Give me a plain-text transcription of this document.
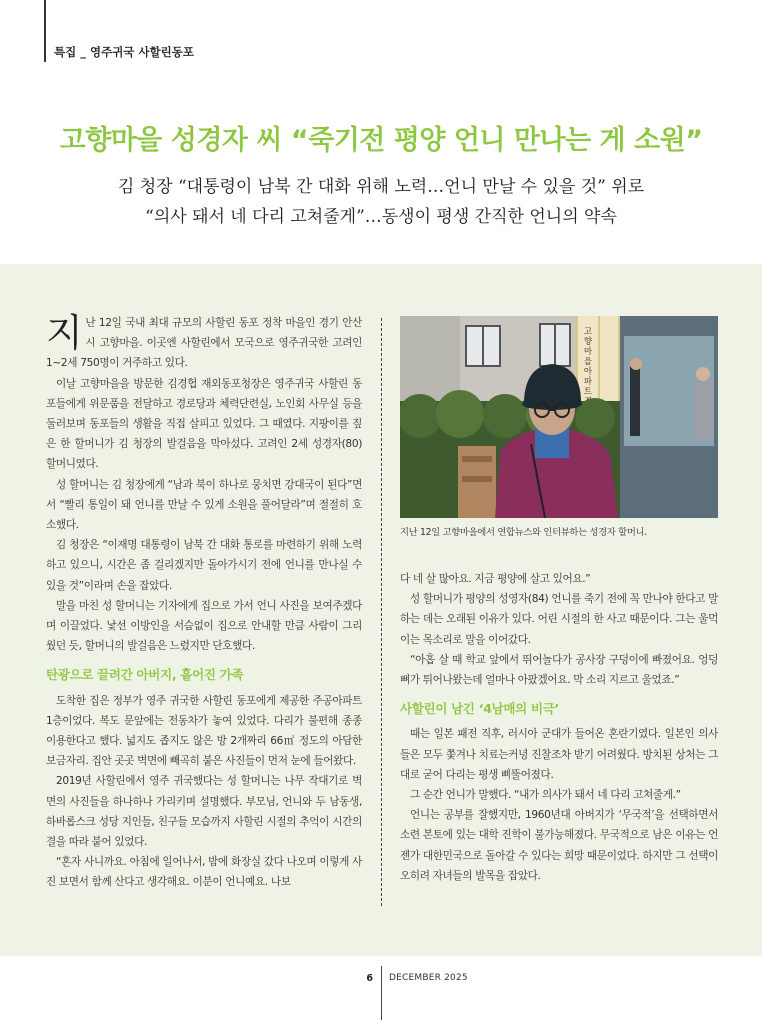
특집 _ 영주귀국 사할린동포
고향마을 성경자 씨 “죽기전 평양 언니 만나는 게 소원”
김 청장 “대통령이 남북 간 대화 위해 노력…언니 만날 수 있을 것” 위로
“의사 돼서 네 다리 고쳐줄게”…동생이 평생 간직한 언니의 약속

지난 12일 국내 최대 규모의 사할린 동포 정착 마을인 경기 안산시 고향마을. 이곳엔 사할린에서 모국으로 영주귀국한 고려인 1~2세 750명이 거주하고 있다.

이날 고향마을을 방문한 김경협 재외동포청장은 영주귀국 사할린 동포들에게 위문품을 전달하고 경로당과 체력단련실, 노인회 사무실 등을 둘러보며 동포들의 생활을 직접 살피고 있었다. 그 때였다. 지팡이를 짚은 한 할머니가 김 청장의 발걸음을 막아섰다. 고려인 2세 성경자(80) 할머니였다.

성 할머니는 김 청장에게 “남과 북이 하나로 뭉치면 강대국이 된다”면서 “빨리 통일이 돼 언니를 만날 수 있게 소원을 풀어달라”며 절절히 호소했다.

김 청장은 “이재명 대통령이 남북 간 대화 통로를 마련하기 위해 노력하고 있으니, 시간은 좀 걸리겠지만 돌아가시기 전에 언니를 만나실 수 있을 것”이라며 손을 잡았다.

말을 마친 성 할머니는 기자에게 집으로 가서 언니 사진을 보여주겠다며 이끌었다. 낯선 이방인을 서슴없이 집으로 안내할 만큼 사람이 그리웠던 듯, 할머니의 발걸음은 느렸지만 단호했다.

탄광으로 끌려간 아버지, 흩어진 가족

도착한 집은 정부가 영주 귀국한 사할린 동포에게 제공한 주공아파트 1층이었다. 복도 문앞에는 전동차가 놓여 있었다. 다리가 불편해 종종 이용한다고 했다. 넓지도 좁지도 않은 방 2개짜리 66㎡ 정도의 아담한 보금자리. 집안 곳곳 벽면에 빼곡히 붙은 사진들이 먼저 눈에 들어왔다.

2019년 사할린에서 영주 귀국했다는 성 할머니는 나무 작대기로 벽면의 사진들을 하나하나 가리키며 설명했다. 부모님, 언니와 두 남동생, 하바롭스크 성당 지인들, 친구들 모습까지 사할린 시절의 추억이 시간의 결을 따라 붙어 있었다.

“혼자 사니까요. 아침에 일어나서, 밤에 화장실 갔다 나오며 이렇게 사진 보면서 함께 산다고 생각해요. 이분이 언니예요. 나보

고
향
마
을
아
파
트
지난 12일 고향마을에서 연합뉴스와 인터뷰하는 성경자 할머니.

다 네 살 많아요. 지금 평양에 살고 있어요.”

성 할머니가 평양의 성영자(84) 언니를 죽기 전에 꼭 만나야 한다고 말하는 데는 오래된 이유가 있다. 어린 시절의 한 사고 때문이다. 그는 울먹이는 목소리로 말을 이어갔다.

“아홉 살 때 학교 앞에서 뛰어놀다가 공사장 구덩이에 빠졌어요. 엉덩뼈가 튀어나왔는데 얼마나 아팠겠어요. 막 소리 지르고 울었죠.”

사할린이 남긴 ‘4남매의 비극’

때는 일본 패전 직후, 러시아 군대가 들어온 혼란기였다. 일본인 의사들은 모두 쫓겨나 치료는커녕 진찰조차 받기 어려웠다. 방치된 상처는 그대로 굳어 다리는 평생 삐뚤어졌다.

그 순간 언니가 말했다. “내가 의사가 돼서 네 다리 고쳐줄게.”

언니는 공부를 잘했지만, 1960년대 아버지가 ‘무국적’을 선택하면서 소련 본토에 있는 대학 진학이 불가능해졌다. 무국적으로 남은 이유는 언젠가 대한민국으로 돌아갈 수 있다는 희망 때문이었다. 하지만 그 선택이 오히려 자녀들의 발목을 잡았다.

6 DECEMBER 2025
